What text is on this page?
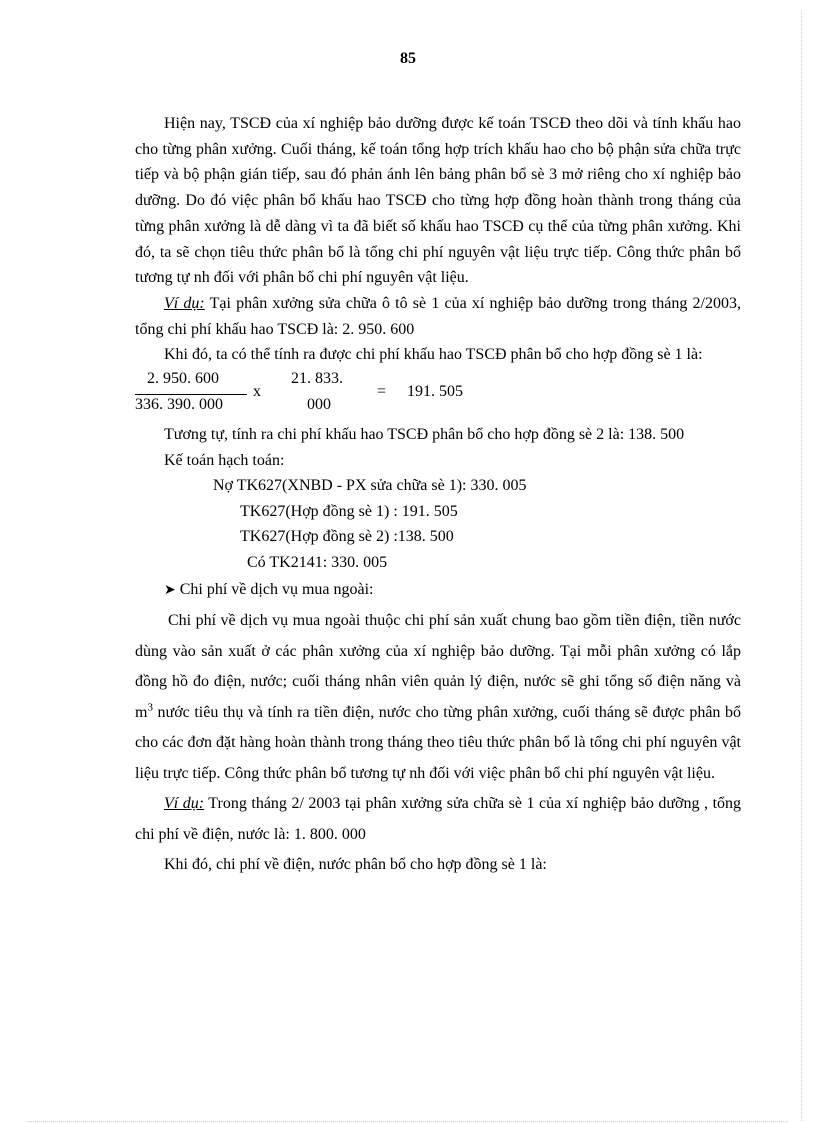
85

Hiện nay, TSCĐ của xí nghiệp bảo dưỡng được kế toán TSCĐ theo dõi và tính khấu hao cho từng phân xưởng. Cuối tháng, kế toán tổng hợp trích khấu hao cho bộ phận sửa chữa trực tiếp và bộ phận gián tiếp, sau đó phản ánh lên bảng phân bổ sè 3 mở riêng cho xí nghiệp bảo dưỡng. Do đó việc phân bổ khấu hao TSCĐ cho từng hợp đồng hoàn thành trong tháng của từng phân xưởng là dễ dàng vì ta đã biết số khấu hao TSCĐ cụ thể của từng phân xưởng. Khi đó, ta sẽ chọn tiêu thức phân bổ là tổng chi phí nguyên vật liệu trực tiếp. Công thức phân bổ tương tự nh đối với phân bổ chi phí nguyên vật liệu.

Ví dụ: Tại phân xưởng sửa chữa ô tô sè 1 của xí nghiệp bảo dưỡng trong tháng 2/2003, tổng chi phí khấu hao TSCĐ là: 2. 950. 600

Khi đó, ta có thể tính ra được chi phí khấu hao TSCĐ phân bổ cho hợp đồng sè 1 là:

2. 950. 600
336. 390. 000
x
21. 833.
000
= 191. 505

Tương tự, tính ra chi phí khấu hao TSCĐ phân bổ cho hợp đồng sè 2 là: 138. 500

Kế toán hạch toán:

Nợ TK627(XNBD - PX sửa chữa sè 1): 330. 005

TK627(Hợp đồng sè 1) : 191. 505

TK627(Hợp đồng sè 2) :138. 500

Có TK2141: 330. 005

➤ Chi phí về dịch vụ mua ngoài:

Chi phí về dịch vụ mua ngoài thuộc chi phí sản xuất chung bao gồm tiền điện, tiền nước dùng vào sản xuất ở các phân xưởng của xí nghiệp bảo dưỡng. Tại mỗi phân xưởng có lắp đồng hồ đo điện, nước; cuối tháng nhân viên quản lý điện, nước sẽ ghi tổng số điện năng và $m^3$ nước tiêu thụ và tính ra tiền điện, nước cho từng phân xưởng, cuối tháng sẽ được phân bổ cho các đơn đặt hàng hoàn thành trong tháng theo tiêu thức phân bổ là tổng chi phí nguyên vật liệu trực tiếp. Công thức phân bổ tương tự nh đối với việc phân bổ chi phí nguyên vật liệu.

Ví dụ: Trong tháng 2/ 2003 tại phân xưởng sửa chữa sè 1 của xí nghiệp bảo dưỡng , tổng chi phí về điện, nước là: 1. 800. 000

Khi đó, chi phí về điện, nước phân bổ cho hợp đồng sè 1 là:
